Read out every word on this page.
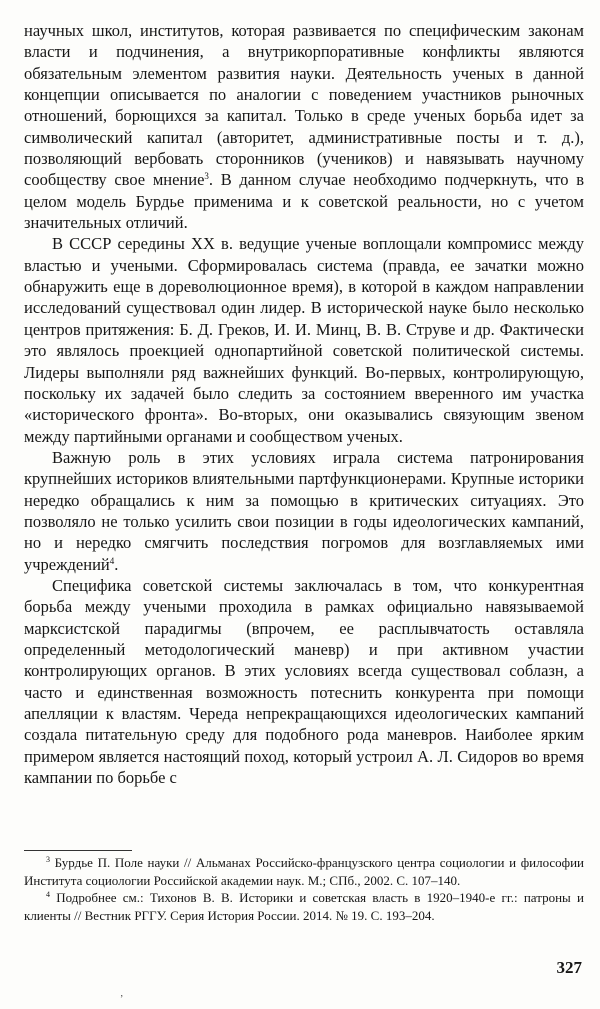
научных школ, институтов, которая развивается по специфическим законам власти и подчинения, а внутрикорпоративные конфликты являются обязательным элементом развития науки. Деятельность ученых в данной концепции описывается по аналогии с поведением участников рыночных отношений, борющихся за капитал. Только в среде ученых борьба идет за символический капитал (авторитет, административные посты и т. д.), позволяющий вербовать сторонников (учеников) и навязывать научному сообществу свое мнение$^3$. В данном случае необходимо подчеркнуть, что в целом модель Бурдье применима и к советской реальности, но с учетом значительных отличий.

В СССР середины XX в. ведущие ученые воплощали компромисс между властью и учеными. Сформировалась система (правда, ее зачатки можно обнаружить еще в дореволюционное время), в которой в каждом направлении исследований существовал один лидер. В исторической науке было несколько центров притяжения: Б. Д. Греков, И. И. Минц, В. В. Струве и др. Фактически это являлось проекцией однопартийной советской политической системы. Лидеры выполняли ряд важнейших функций. Во-первых, контролирующую, поскольку их задачей было следить за состоянием вверенного им участка «исторического фронта». Во-вторых, они оказывались связующим звеном между партийными органами и сообществом ученых.

Важную роль в этих условиях играла система патронирования крупнейших историков влиятельными партфункционерами. Крупные историки нередко обращались к ним за помощью в критических ситуациях. Это позволяло не только усилить свои позиции в годы идеологических кампаний, но и нередко смягчить последствия погромов для возглавляемых ими учреждений$^4$.

Специфика советской системы заключалась в том, что конкурентная борьба между учеными проходила в рамках официально навязываемой марксистской парадигмы (впрочем, ее расплывчатость оставляла определенный методологический маневр) и при активном участии контролирующих органов. В этих условиях всегда существовал соблазн, а часто и единственная возможность потеснить конкурента при помощи апелляции к властям. Череда непрекращающихся идеологических кампаний создала питательную среду для подобного рода маневров. Наиболее ярким примером является настоящий поход, который устроил А. Л. Сидоров во время кампании по борьбе с

$^3$ Бурдье П. Поле науки // Альманах Российско-французского центра социологии и философии Института социологии Российской академии наук. М.; СПб., 2002. С. 107–140.

$^4$ Подробнее см.: Тихонов В. В. Историки и советская власть в 1920–1940-е гг.: патроны и клиенты // Вестник РГГУ. Серия История России. 2014. № 19. С. 193–204.

327
’
